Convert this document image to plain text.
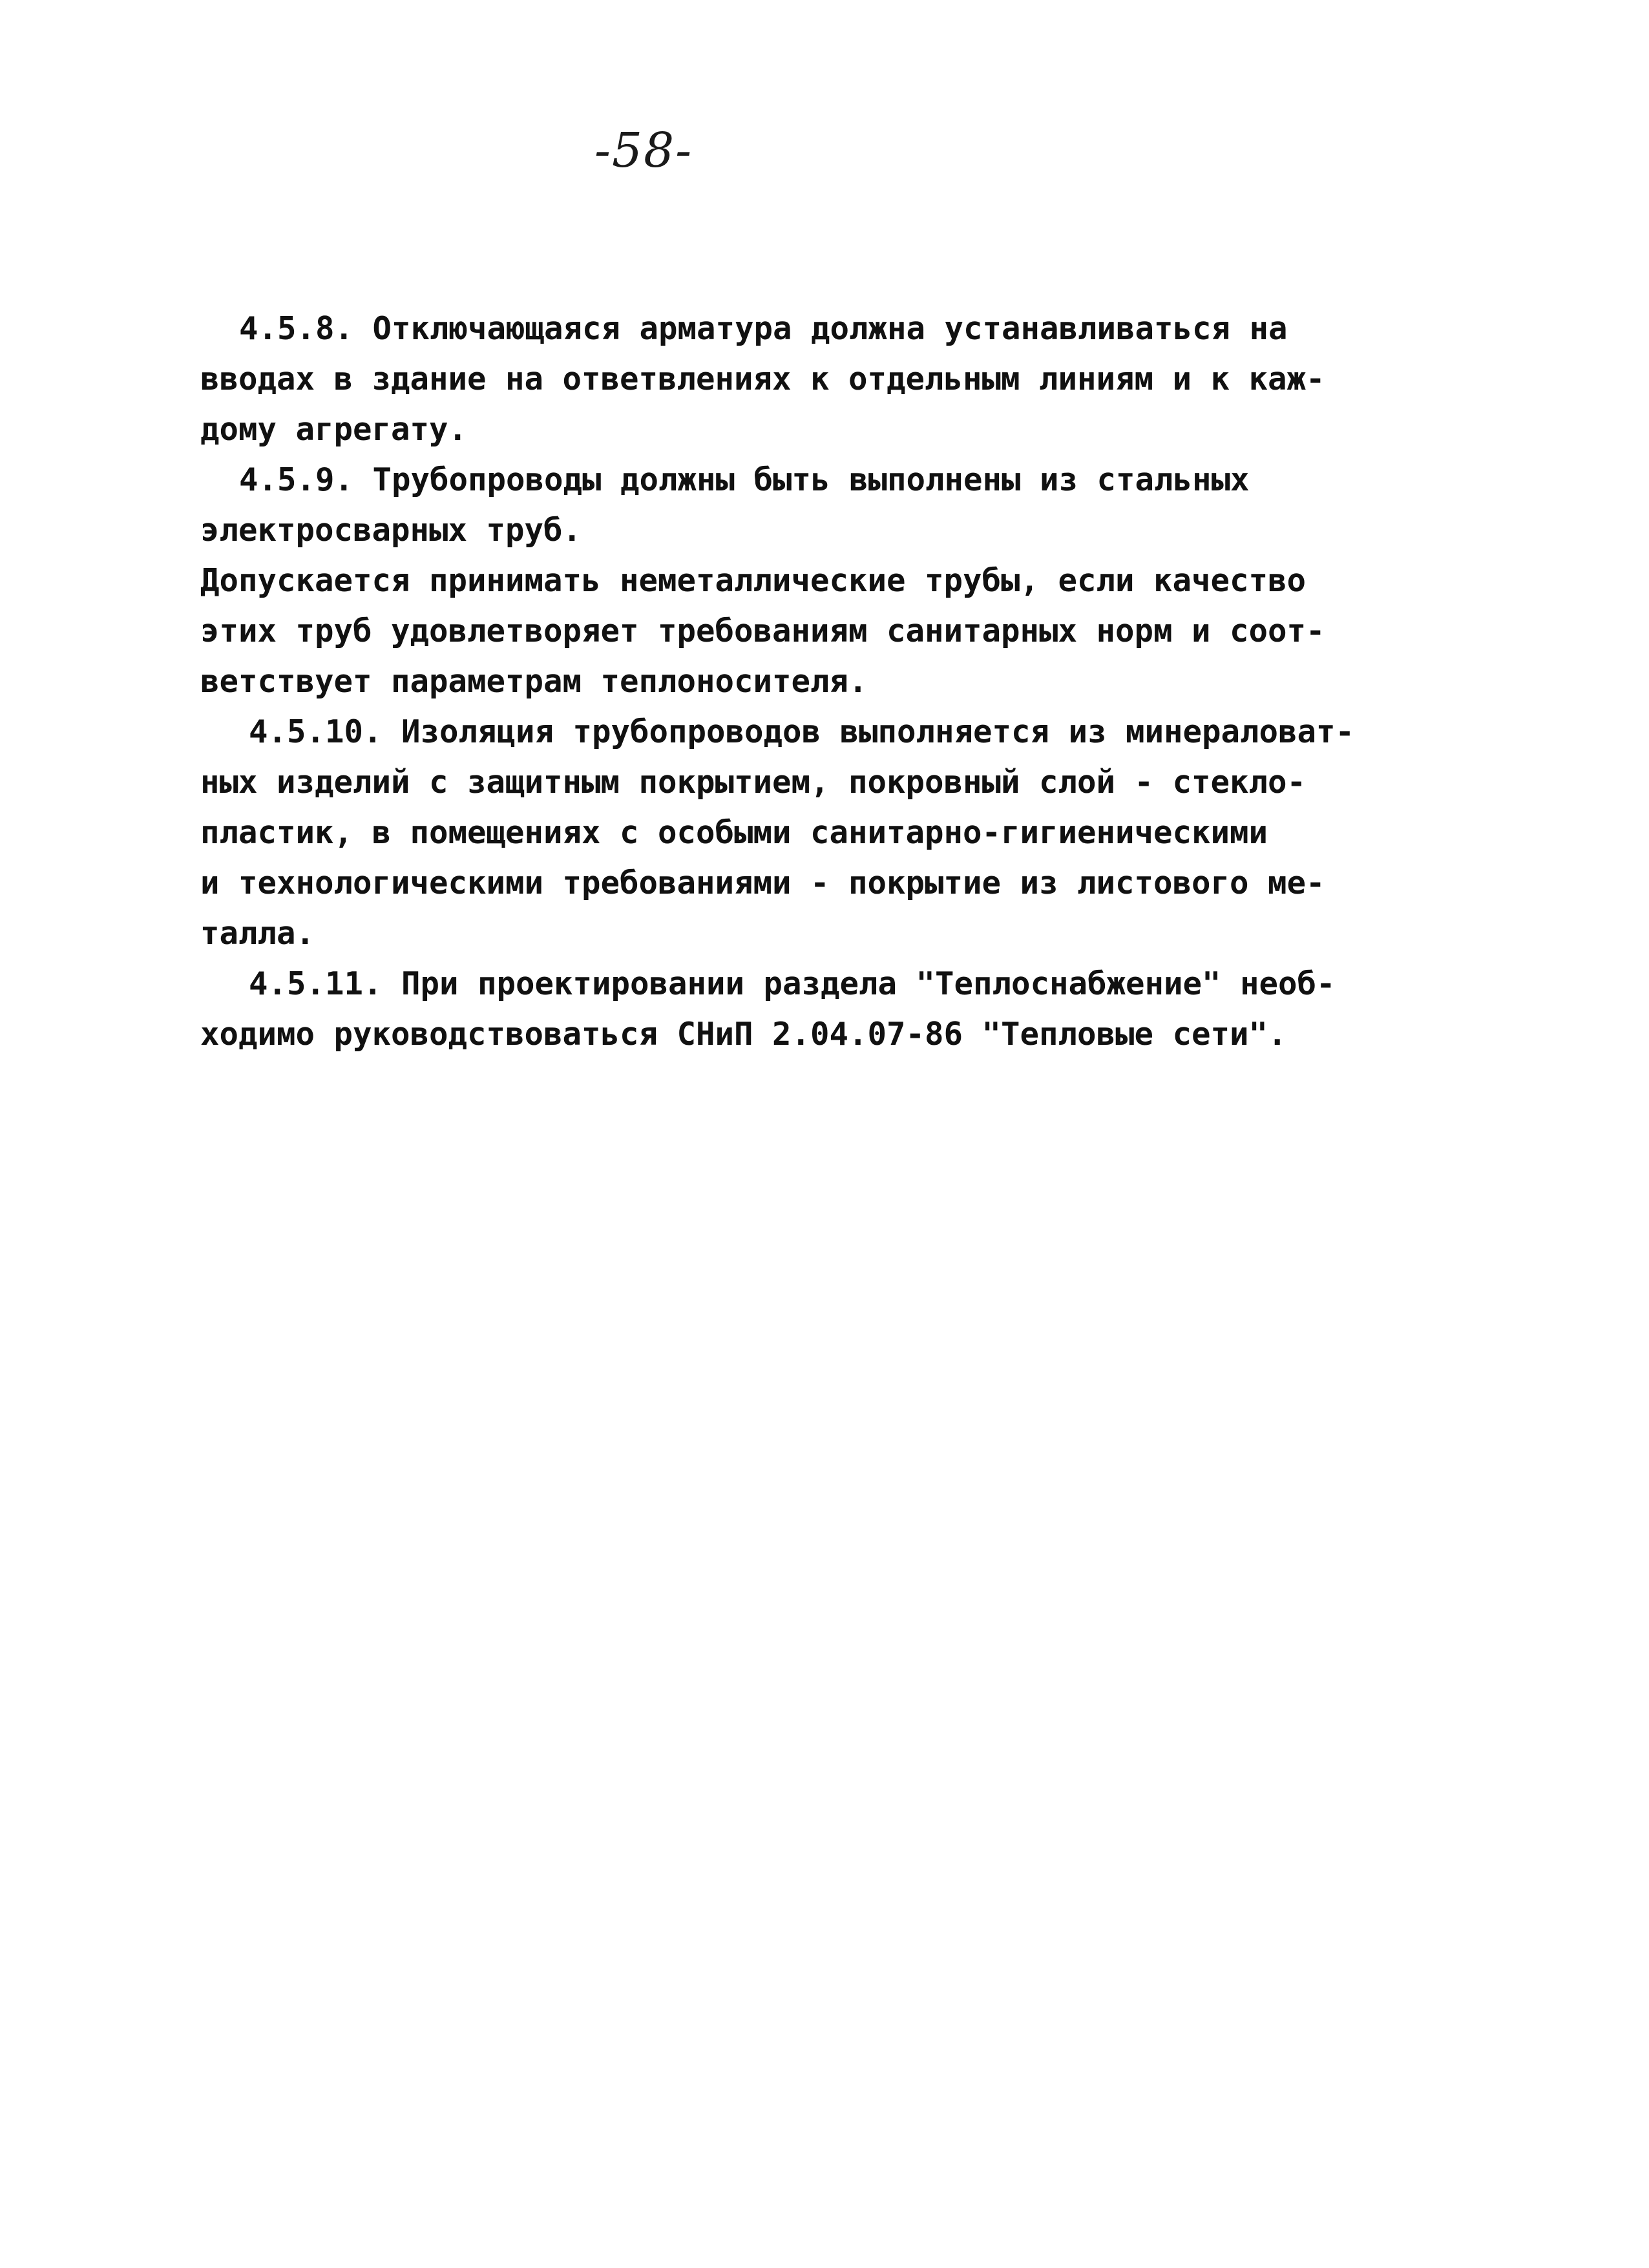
-58-
4.5.8. Отключающаяся арматура должна устанавливаться на
вводах в здание на ответвлениях к отдельным линиям и к каж-
дому агрегату.
4.5.9. Трубопроводы должны быть выполнены из стальных
электросварных труб.
Допускается принимать неметаллические трубы, если качество
этих труб удовлетворяет требованиям санитарных норм и соот-
ветствует параметрам теплоносителя.
4.5.10. Изоляция трубопроводов выполняется из минераловат-
ных изделий с защитным покрытием, покровный слой - стекло-
пластик, в помещениях с особыми санитарно-гигиеническими
и технологическими требованиями - покрытие из листового ме-
талла.
4.5.11. При проектировании раздела "Теплоснабжение" необ-
ходимо руководствоваться СНиП 2.04.07-86 "Тепловые сети".
